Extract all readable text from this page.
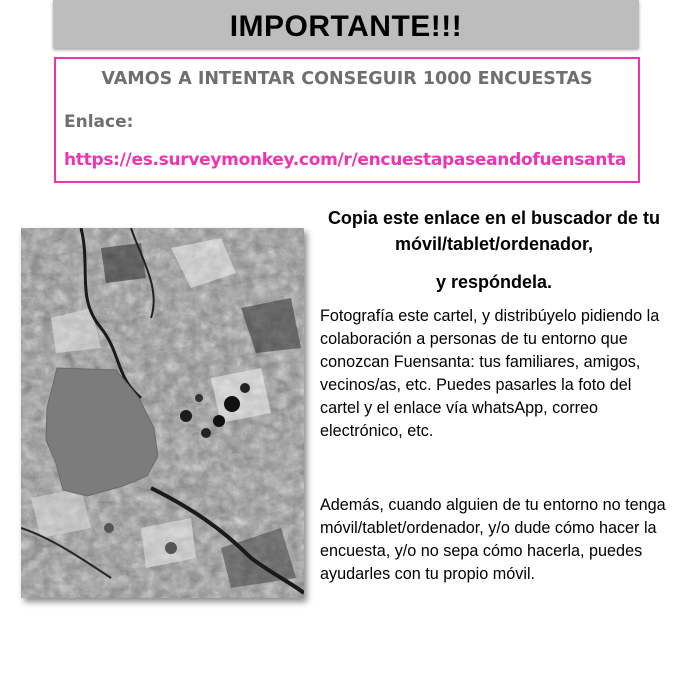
IMPORTANTE!!!
VAMOS A INTENTAR CONSEGUIR 1000 ENCUESTAS
Enlace:
https://es.surveymonkey.com/r/encuestapaseandofuensanta
Copia este enlace en el buscador de tu móvil/tablet/ordenador,
y respóndela.
Fotografía este cartel, y distribúyelo pidiendo la colaboración a personas de tu entorno que conozcan Fuensanta: tus familiares, amigos, vecinos/as, etc. Puedes pasarles la foto del cartel y el enlace vía whatsApp, correo electrónico, etc.
Además, cuando alguien de tu entorno no tenga móvil/tablet/ordenador, y/o dude cómo hacer la encuesta, y/o no sepa cómo hacerla, puedes ayudarles con tu propio móvil.
